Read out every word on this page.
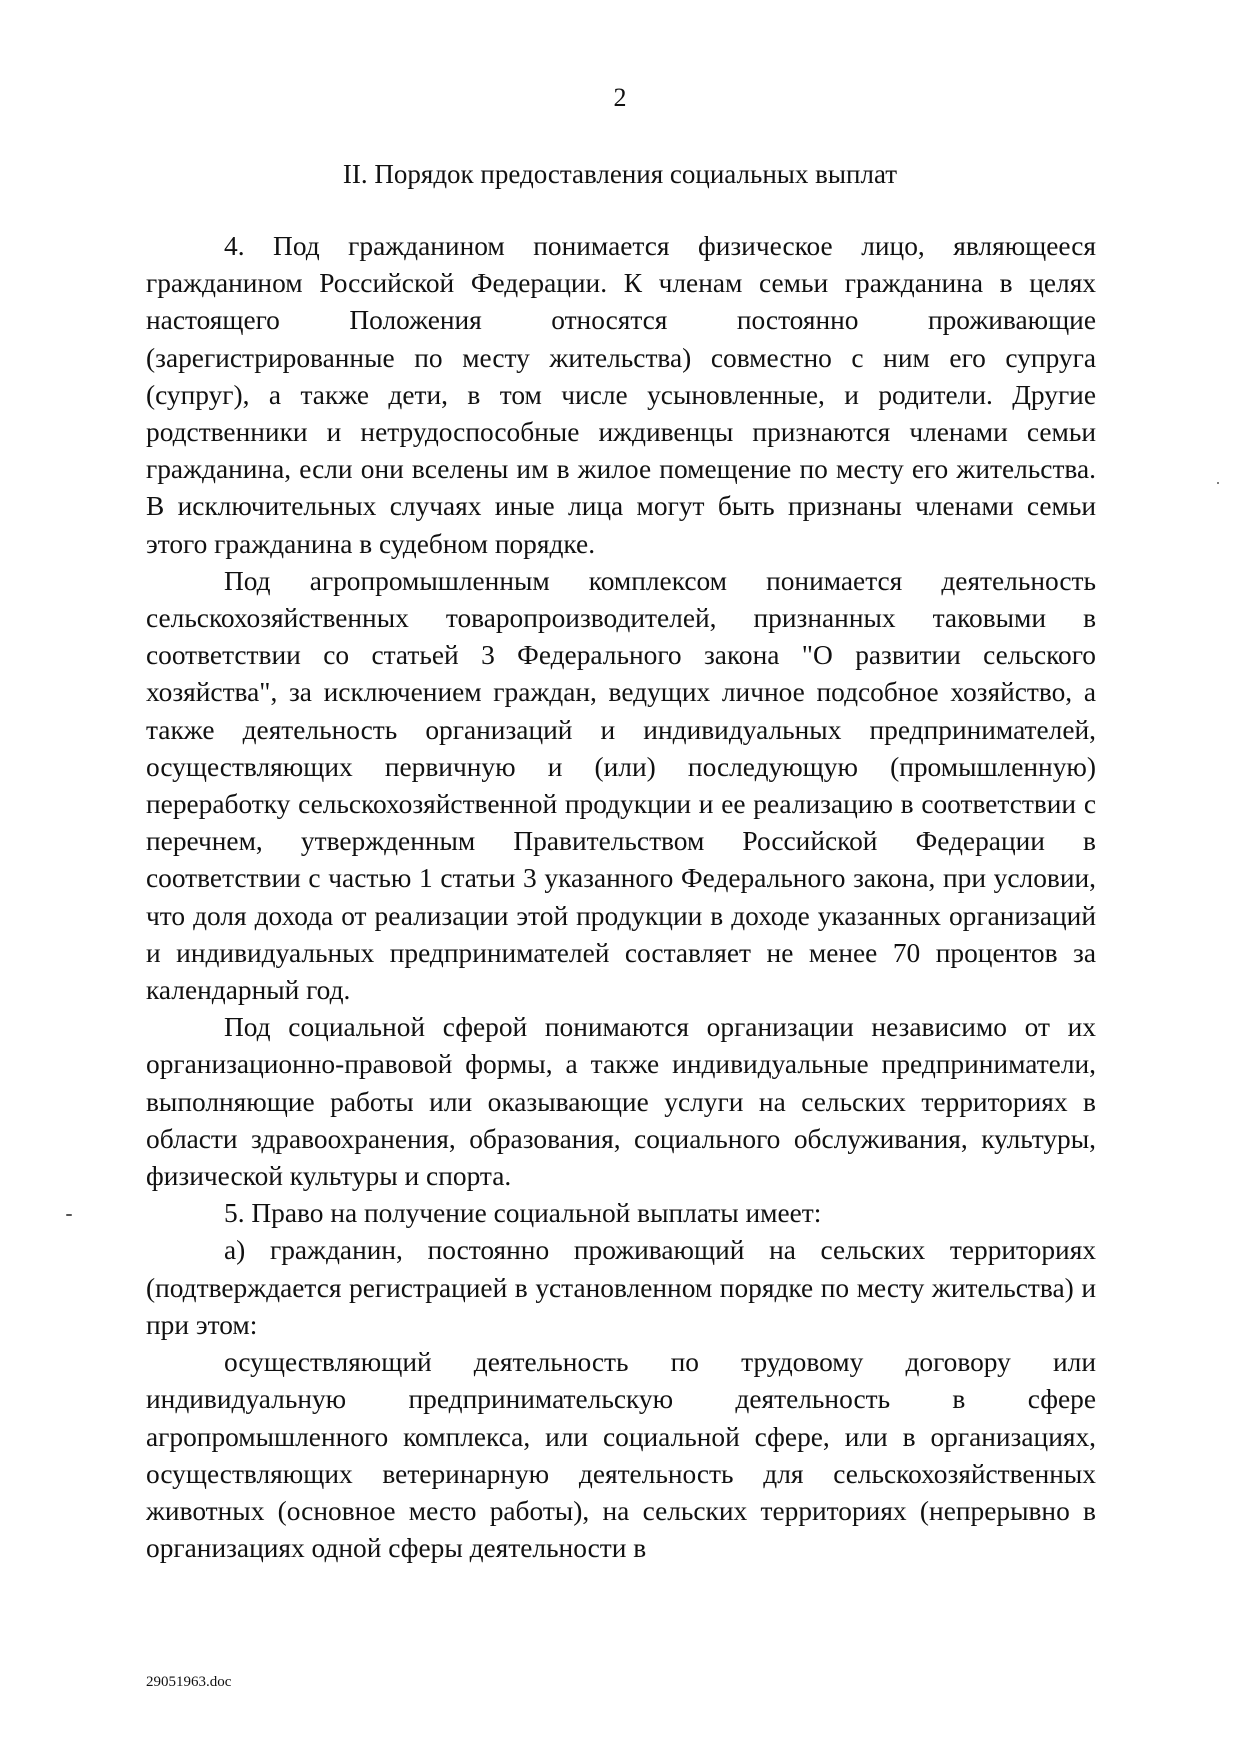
2
II. Порядок предоставления социальных выплат

4. Под гражданином понимается физическое лицо, являющееся гражданином Российской Федерации. К членам семьи гражданина в целях настоящего Положения относятся постоянно проживающие (зарегистрированные по месту жительства) совместно с ним его супруга (супруг), а также дети, в том числе усыновленные, и родители. Другие родственники и нетрудоспособные иждивенцы признаются членами семьи гражданина, если они вселены им в жилое помещение по месту его жительства. В исключительных случаях иные лица могут быть признаны членами семьи этого гражданина в судебном порядке.

Под агропромышленным комплексом понимается деятельность сельскохозяйственных товаропроизводителей, признанных таковыми в соответствии со статьей 3 Федерального закона "О развитии сельского хозяйства", за исключением граждан, ведущих личное подсобное хозяйство, а также деятельность организаций и индивидуальных предпринимателей, осуществляющих первичную и (или) последующую (промышленную) переработку сельскохозяйственной продукции и ее реализацию в соответствии с перечнем, утвержденным Правительством Российской Федерации в соответствии с частью 1 статьи 3 указанного Федерального закона, при условии, что доля дохода от реализации этой продукции в доходе указанных организаций и индивидуальных предпринимателей составляет не менее 70 процентов за календарный год.

Под социальной сферой понимаются организации независимо от их организационно-правовой формы, а также индивидуальные предприниматели, выполняющие работы или оказывающие услуги на сельских территориях в области здравоохранения, образования, социального обслуживания, культуры, физической культуры и спорта.

5. Право на получение социальной выплаты имеет:

а) гражданин, постоянно проживающий на сельских территориях (подтверждается регистрацией в установленном порядке по месту жительства) и при этом:

осуществляющий деятельность по трудовому договору или индивидуальную предпринимательскую деятельность в сфере агропромышленного комплекса, или социальной сфере, или в организациях, осуществляющих ветеринарную деятельность для сельскохозяйственных животных (основное место работы), на сельских территориях (непрерывно в организациях одной сферы деятельности в

29051963.doc
